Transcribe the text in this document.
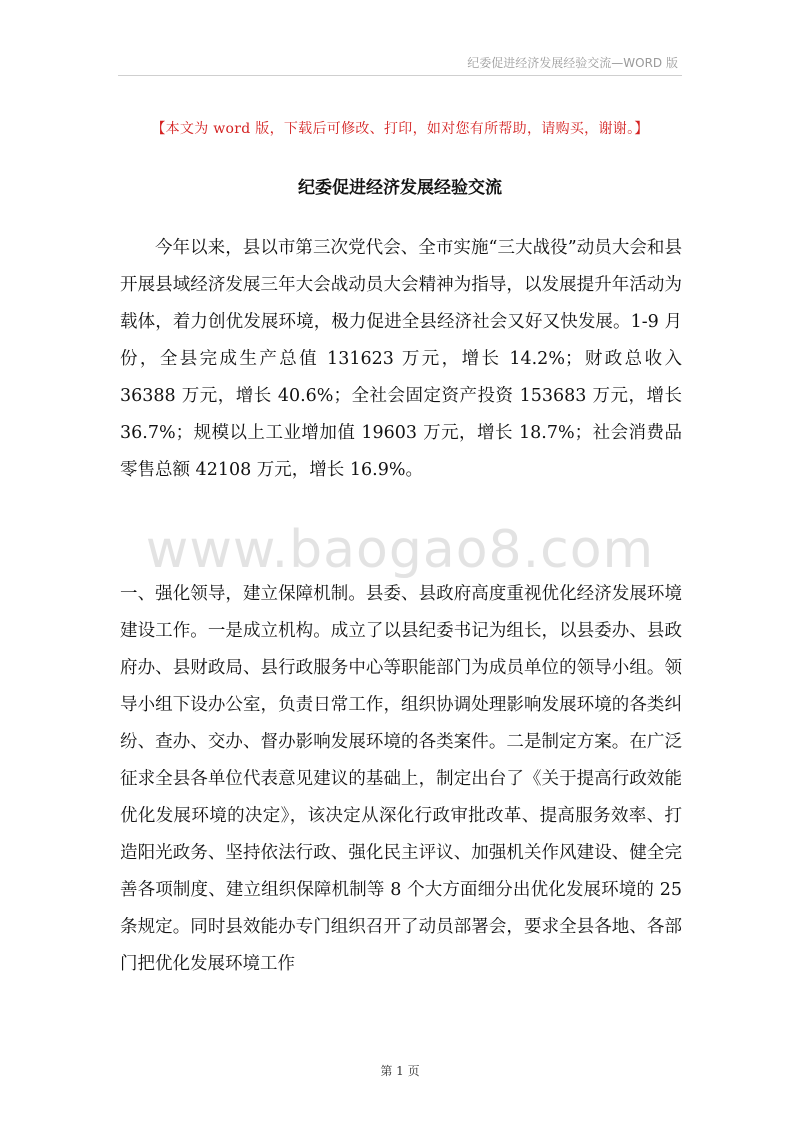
纪委促进经济发展经验交流—WORD 版
【本文为 word 版，下载后可修改、打印，如对您有所帮助，请购买，谢谢。】
纪委促进经济发展经验交流

今年以来，县以市第三次党代会、全市实施“三大战役”动员大会和县开展县域经济发展三年大会战动员大会精神为指导，以发展提升年活动为载体，着力创优发展环境，极力促进全县经济社会又好又快发展。1-9 月份，全县完成生产总值 131623 万元，增长 14.2%；财政总收入 36388 万元，增长 40.6%；全社会固定资产投资 153683 万元，增长 36.7%；规模以上工业增加值 19603 万元，增长 18.7%；社会消费品零售总额 42108 万元，增长 16.9%。

www.baogao8.com

一、强化领导，建立保障机制。县委、县政府高度重视优化经济发展环境建设工作。一是成立机构。成立了以县纪委书记为组长，以县委办、县政府办、县财政局、县行政服务中心等职能部门为成员单位的领导小组。领导小组下设办公室，负责日常工作，组织协调处理影响发展环境的各类纠纷、查办、交办、督办影响发展环境的各类案件。二是制定方案。在广泛征求全县各单位代表意见建议的基础上，制定出台了《关于提高行政效能优化发展环境的决定》，该决定从深化行政审批改革、提高服务效率、打造阳光政务、坚持依法行政、强化民主评议、加强机关作风建设、健全完善各项制度、建立组织保障机制等 8 个大方面细分出优化发展环境的 25 条规定。同时县效能办专门组织召开了动员部署会，要求全县各地、各部门把优化发展环境工作

第 1 页
